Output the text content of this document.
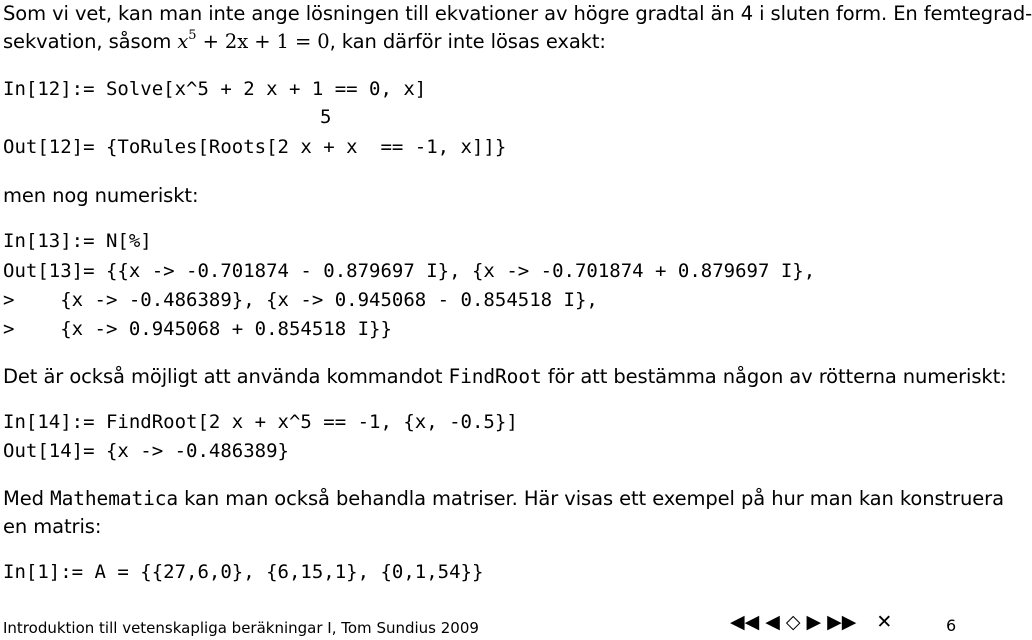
Som vi vet, kan man inte ange lösningen till ekvationer av högre gradtal än 4 i sluten form. En femtegrad-
sekvation, såsom $x^5 + 2x + 1 = 0$, kan därför inte lösas exakt:
In[12]:= Solve[x^5 + 2 x + 1 == 0, x]
5
Out[12]= {ToRules[Roots[2 x + x  == -1, x]]}
men nog numeriskt:
In[13]:= N[%]
Out[13]= {{x -> -0.701874 - 0.879697 I}, {x -> -0.701874 + 0.879697 I},
>    {x -> -0.486389}, {x -> 0.945068 - 0.854518 I},
>    {x -> 0.945068 + 0.854518 I}}
Det är också möjligt att använda kommandot FindRoot för att bestämma någon av rötterna numeriskt:
In[14]:= FindRoot[2 x + x^5 == -1, {x, -0.5}]
Out[14]= {x -> -0.486389}
Med Mathematica kan man också behandla matriser. Här visas ett exempel på hur man kan konstruera
en matris:
In[1]:= A = {{27,6,0}, {6,15,1}, {0,1,54}}
Introduktion till vetenskapliga beräkningar I, Tom Sundius 2009	◀◀ ◀ ◇ ▶ ▶▶ ✕	6
